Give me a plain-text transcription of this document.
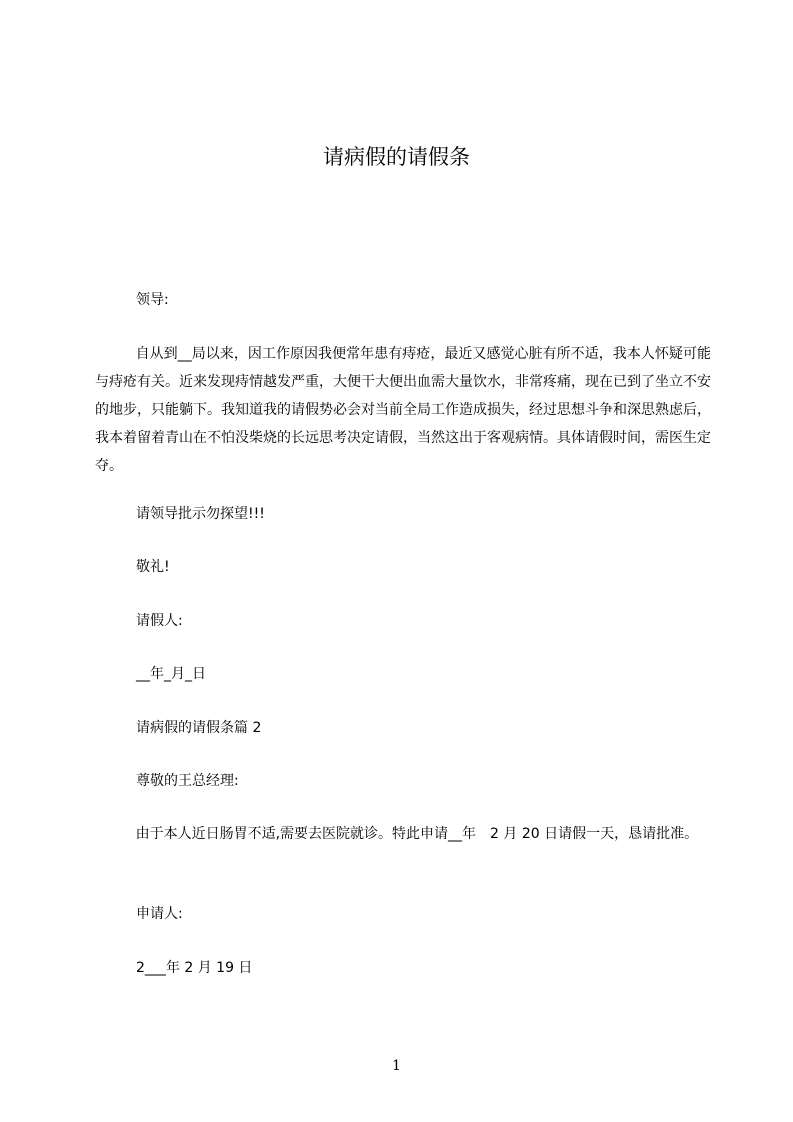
请病假的请假条

领导:

自从到__局以来，因工作原因我便常年患有痔疮，最近又感觉心脏有所不适，我本人怀疑可能与痔疮有关。近来发现痔情越发严重，大便干大便出血需大量饮水，非常疼痛，现在已到了坐立不安的地步，只能躺下。我知道我的请假势必会对当前全局工作造成损失，经过思想斗争和深思熟虑后，我本着留着青山在不怕没柴烧的长远思考决定请假，当然这出于客观病情。具体请假时间，需医生定夺。

请领导批示勿探望!!!

敬礼!

请假人:

__年_月_日

请病假的请假条篇 2

尊敬的王总经理:

由于本人近日肠胃不适,需要去医院就诊。特此申请__年　2 月 20 日请假一天，恳请批准。

申请人:

2___年 2 月 19 日

1
